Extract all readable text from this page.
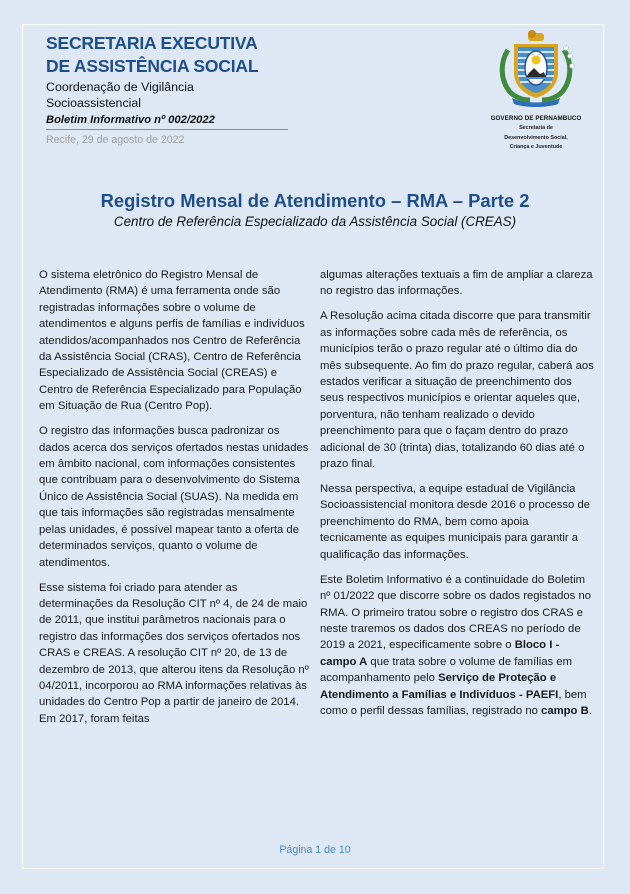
SECRETARIA EXECUTIVA
DE ASSISTÊNCIA SOCIAL
Coordenação de Vigilância Socioassistencial
Boletim Informativo nº 002/2022
Recife, 29 de agosto de 2022
GOVERNO DE PERNAMBUCO
Secretaria de
Desenvolvimento Social,
Criança e Juventude
Registro Mensal de Atendimento – RMA – Parte 2
Centro de Referência Especializado da Assistência Social (CREAS)

O sistema eletrônico do Registro Mensal de Atendimento (RMA) é uma ferramenta onde são registradas informações sobre o volume de atendimentos e alguns perfis de famílias e indivíduos atendidos/acompanhados nos Centro de Referência da Assistência Social (CRAS), Centro de Referência Especializado de Assistência Social (CREAS) e Centro de Referência Especializado para População em Situação de Rua (Centro Pop).

O registro das informações busca padronizar os dados acerca dos serviços ofertados nestas unidades em âmbito nacional, com informações consistentes que contribuam para o desenvolvimento do Sistema Único de Assistência Social (SUAS). Na medida em que tais informações são registradas mensalmente pelas unidades, é possível mapear tanto a oferta de determinados serviços, quanto o volume de atendimentos.

Esse sistema foi criado para atender as determinações da Resolução CIT nº 4, de 24 de maio de 2011, que institui parâmetros nacionais para o registro das informações dos serviços ofertados nos CRAS e CREAS. A resolução CIT nº 20, de 13 de dezembro de 2013, que alterou itens da Resolução nº 04/2011, incorporou ao RMA informações relativas às unidades do Centro Pop a partir de janeiro de 2014. Em 2017, foram feitas

algumas alterações textuais a fim de ampliar a clareza no registro das informações.

A Resolução acima citada discorre que para transmitir as informações sobre cada mês de referência, os municípios terão o prazo regular até o último dia do mês subsequente. Ao fim do prazo regular, caberá aos estados verificar a situação de preenchimento dos seus respectivos municípios e orientar aqueles que, porventura, não tenham realizado o devido preenchimento para que o façam dentro do prazo adicional de 30 (trinta) dias, totalizando 60 dias até o prazo final.

Nessa perspectiva, a equipe estadual de Vigilância Socioassistencial monitora desde 2016 o processo de preenchimento do RMA, bem como apoia tecnicamente as equipes municipais para garantir a qualificação das informações.

Este Boletim Informativo é a continuidade do Boletim nº 01/2022 que discorre sobre os dados registados no RMA. O primeiro tratou sobre o registro dos CRAS e neste traremos os dados dos CREAS no período de 2019 a 2021, especificamente sobre o Bloco I - campo A que trata sobre o volume de famílias em acompanhamento pelo Serviço de Proteção e Atendimento a Famílias e Indivíduos - PAEFI, bem como o perfil dessas famílias, registrado no campo B.

Página 1 de 10
